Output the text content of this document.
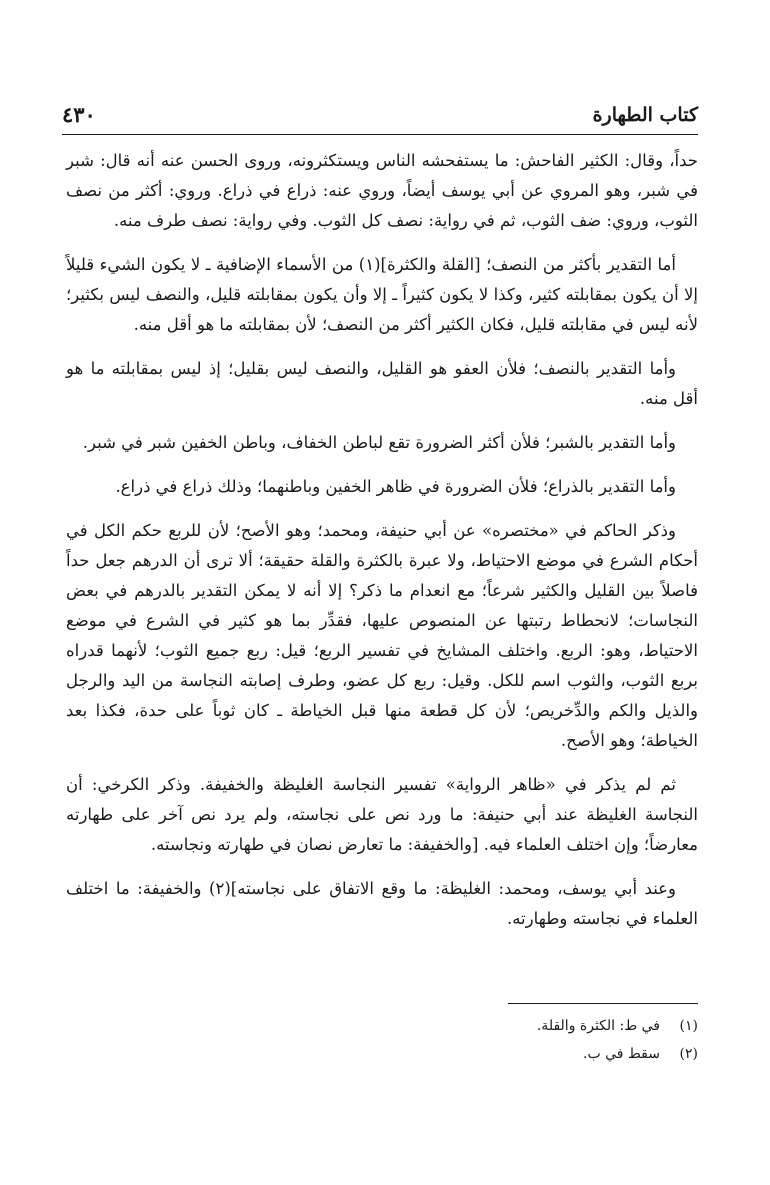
كتاب الطهارة
٤٣٠

حداً، وقال: الكثير الفاحش: ما يستفحشه الناس ويستكثرونه، وروى الحسن عنه أنه قال: شبر في شبر، وهو المروي عن أبي يوسف أيضاً، وروي عنه: ذراع في ذراع. وروي: أكثر من نصف الثوب، وروي: ضف الثوب، ثم في رواية: نصف كل الثوب. وفي رواية: نصف طرف منه.

أما التقدير بأكثر من النصف؛ [القلة والكثرة](١) من الأسماء الإضافية ـ لا يكون الشيء قليلاً إلا أن يكون بمقابلته كثير، وكذا لا يكون كثيراً ـ إلا وأن يكون بمقابلته قليل، والنصف ليس بكثير؛ لأنه ليس في مقابلته قليل، فكان الكثير أكثر من النصف؛ لأن بمقابلته ما هو أقل منه.

وأما التقدير بالنصف؛ فلأن العفو هو القليل، والنصف ليس بقليل؛ إذ ليس بمقابلته ما هو أقل منه.

وأما التقدير بالشبر؛ فلأن أكثر الضرورة تقع لباطن الخفاف، وباطن الخفين شبر في شبر.

وأما التقدير بالذراع؛ فلأن الضرورة في ظاهر الخفين وباطنهما؛ وذلك ذراع في ذراع.

وذكر الحاكم في «مختصره» عن أبي حنيفة، ومحمد؛ وهو الأصح؛ لأن للربع حكم الكل في أحكام الشرع في موضع الاحتياط، ولا عبرة بالكثرة والقلة حقيقة؛ ألا ترى أن الدرهم جعل حداً فاصلاً بين القليل والكثير شرعاً؛ مع انعدام ما ذكر؟ إلا أنه لا يمكن التقدير بالدرهم في بعض النجاسات؛ لانحطاط رتبتها عن المنصوص عليها، فقدِّر بما هو كثير في الشرع في موضع الاحتياط، وهو: الربع. واختلف المشايخ في تفسير الربع؛ قيل: ربع جميع الثوب؛ لأنهما قدراه بربع الثوب، والثوب اسم للكل. وقيل: ربع كل عضو، وطرف إصابته النجاسة من اليد والرجل والذيل والكم والدِّخريص؛ لأن كل قطعة منها قبل الخياطة ـ كان ثوباً على حدة، فكذا بعد الخياطة؛ وهو الأصح.

ثم لم يذكر في «ظاهر الرواية» تفسير النجاسة الغليظة والخفيفة. وذكر الكرخي: أن النجاسة الغليظة عند أبي حنيفة: ما ورد نص على نجاسته، ولم يرد نص آخر على طهارته معارضاً؛ وإن اختلف العلماء فيه. [والخفيفة: ما تعارض نصان في طهارته ونجاسته.

وعند أبي يوسف، ومحمد: الغليظة: ما وقع الاتفاق على نجاسته](٢) والخفيفة: ما اختلف العلماء في نجاسته وطهارته.

(١)
في ط: الكثرة والقلة.
(٢)
سقط في ب.
